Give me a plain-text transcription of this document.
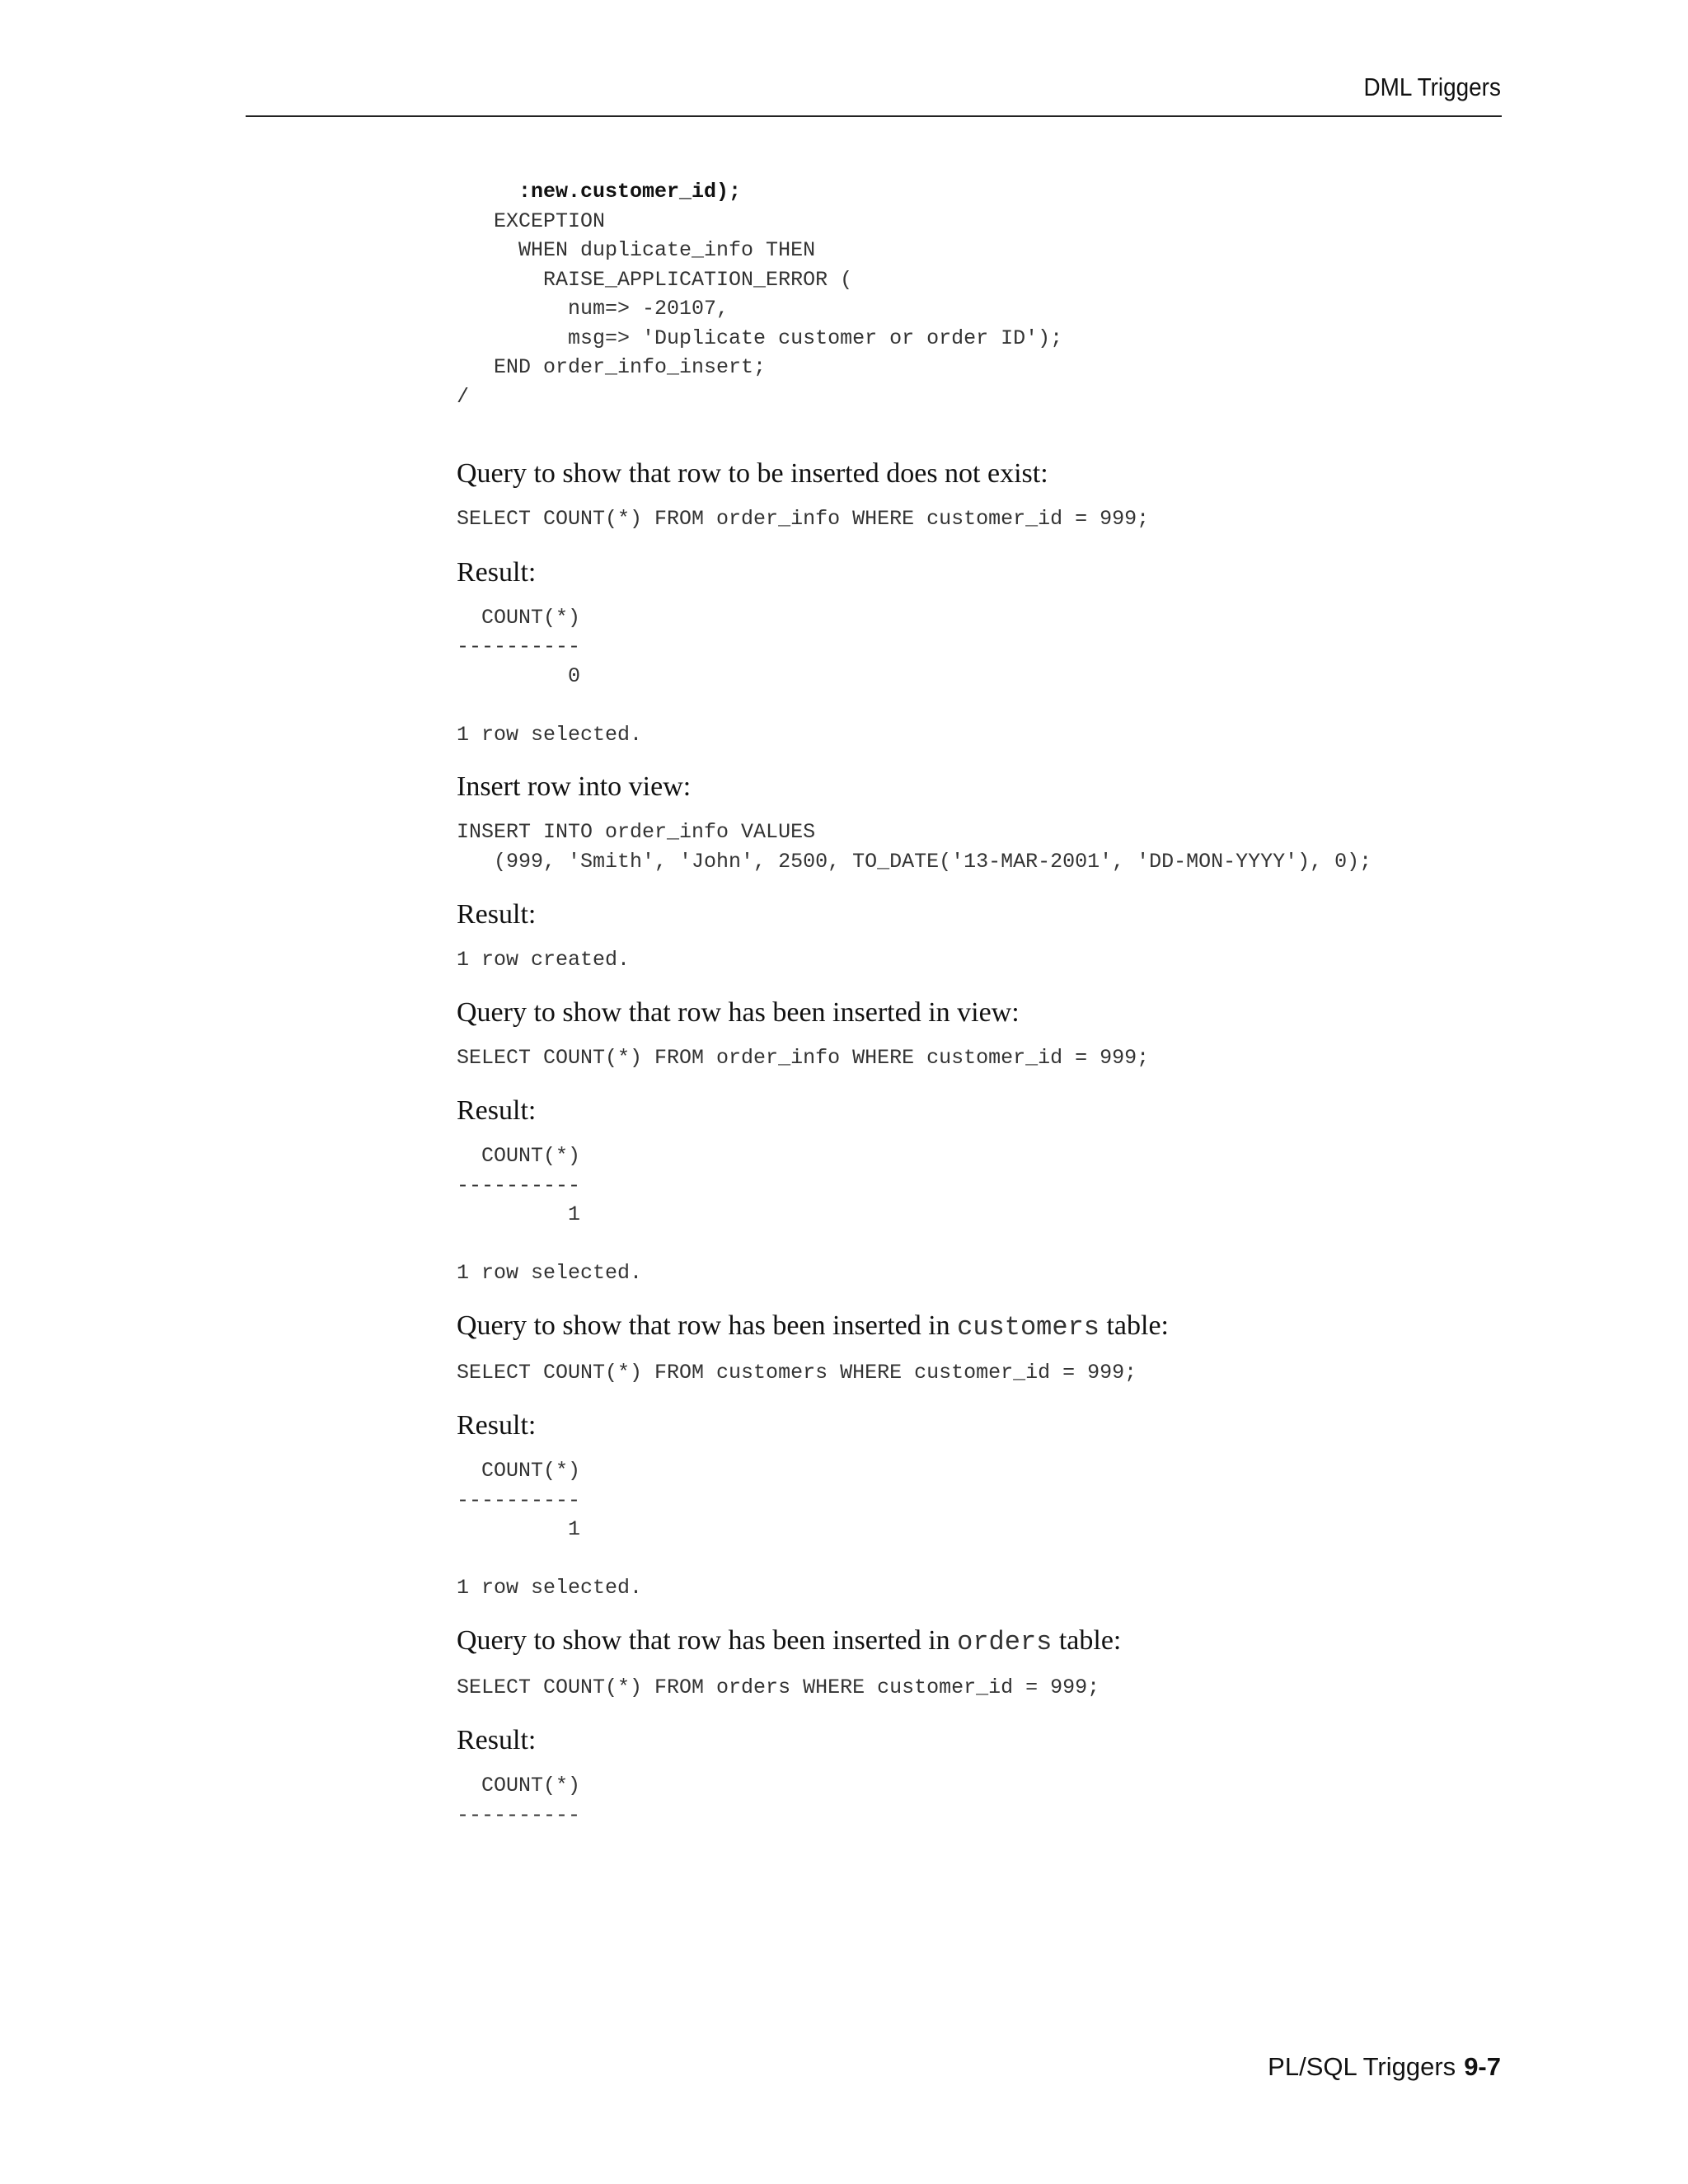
DML Triggers
:new.customer_id);
EXCEPTION
WHEN duplicate_info THEN
RAISE_APPLICATION_ERROR (
num=> -20107,
msg=> 'Duplicate customer or order ID');
END order_info_insert;
/

Query to show that row to be inserted does not exist:

SELECT COUNT(*) FROM order_info WHERE customer_id = 999;

Result:

COUNT(*)
----------
0

1 row selected.

Insert row into view:

INSERT INTO order_info VALUES
(999, 'Smith', 'John', 2500, TO_DATE('13-MAR-2001', 'DD-MON-YYYY'), 0);

Result:

1 row created.

Query to show that row has been inserted in view:

SELECT COUNT(*) FROM order_info WHERE customer_id = 999;

Result:

COUNT(*)
----------
1

1 row selected.

Query to show that row has been inserted in customers table:

SELECT COUNT(*) FROM customers WHERE customer_id = 999;

Result:

COUNT(*)
----------
1

1 row selected.

Query to show that row has been inserted in orders table:

SELECT COUNT(*) FROM orders WHERE customer_id = 999;

Result:

COUNT(*)
----------
PL/SQL Triggers 9-7
